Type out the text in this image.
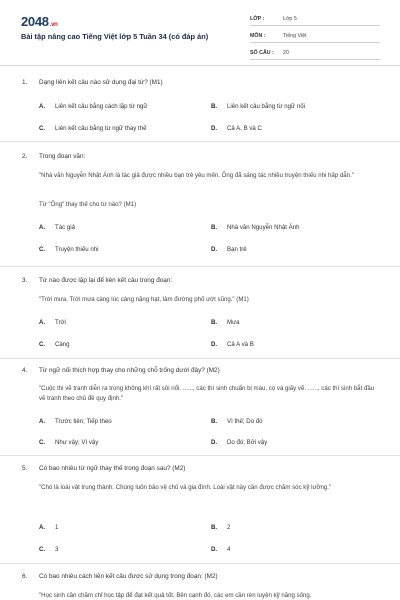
2048.vn
Bài tập nâng cao Tiếng Việt lớp 5 Tuần 34 (có đáp án)
LỚP :	Lớp 5
MÔN :	Tiếng Việt
SỐ CÂU :	20
1. Dạng liên kết câu nào sử dụng đại từ? (M1)
A. Liên kết câu bằng cách lặp từ ngữ	B. Liên kết câu bằng từ ngữ nối
C. Liên kết câu bằng từ ngữ thay thế	D. Cả A, B và C
2. Trong đoạn văn:
"Nhà văn Nguyễn Nhật Ánh là tác giả được nhiều bạn trẻ yêu mến. Ông đã sáng tác nhiều truyện thiếu nhi hấp dẫn."
Từ "Ông" thay thế cho từ nào? (M1)
A. Tác giả	B. Nhà văn Nguyễn Nhật Ánh
C. Truyện thiếu nhi	D. Bạn trẻ
3. Từ nào được lặp lại để liên kết câu trong đoạn:
"Trời mưa. Trời mưa càng lúc càng nặng hạt, làm đường phố ướt sũng." (M1)
A. Trời	B. Mưa
C. Càng	D. Cả A và B
4. Từ ngữ nối thích hợp thay cho những chỗ trống dưới đây? (M2)
"Cuộc thi vẽ tranh diễn ra trong không khí rất sôi nổi. ......, các thí sinh chuẩn bị màu, cọ và giấy vẽ. ......, các thí sinh bắt đầu vẽ tranh theo chủ đề quy định."
A. Trước tiên; Tiếp theo	B. Vì thế; Do đó
C. Như vậy; Vì vậy	D. Do đó; Bởi vậy
5. Có bao nhiêu từ ngữ thay thế trong đoạn sau? (M2)
"Chó là loài vật trung thành. Chúng luôn bảo vệ chủ và gia đình. Loài vật này cần được chăm sóc kỹ lưỡng."
A. 1	B. 2
C. 3	D. 4
6. Có bao nhiêu cách liên kết câu được sử dụng trong đoạn: (M2)
"Học sinh cần chăm chỉ học tập để đạt kết quả tốt. Bên cạnh đó, các em cần rèn luyện kỹ năng sống.
